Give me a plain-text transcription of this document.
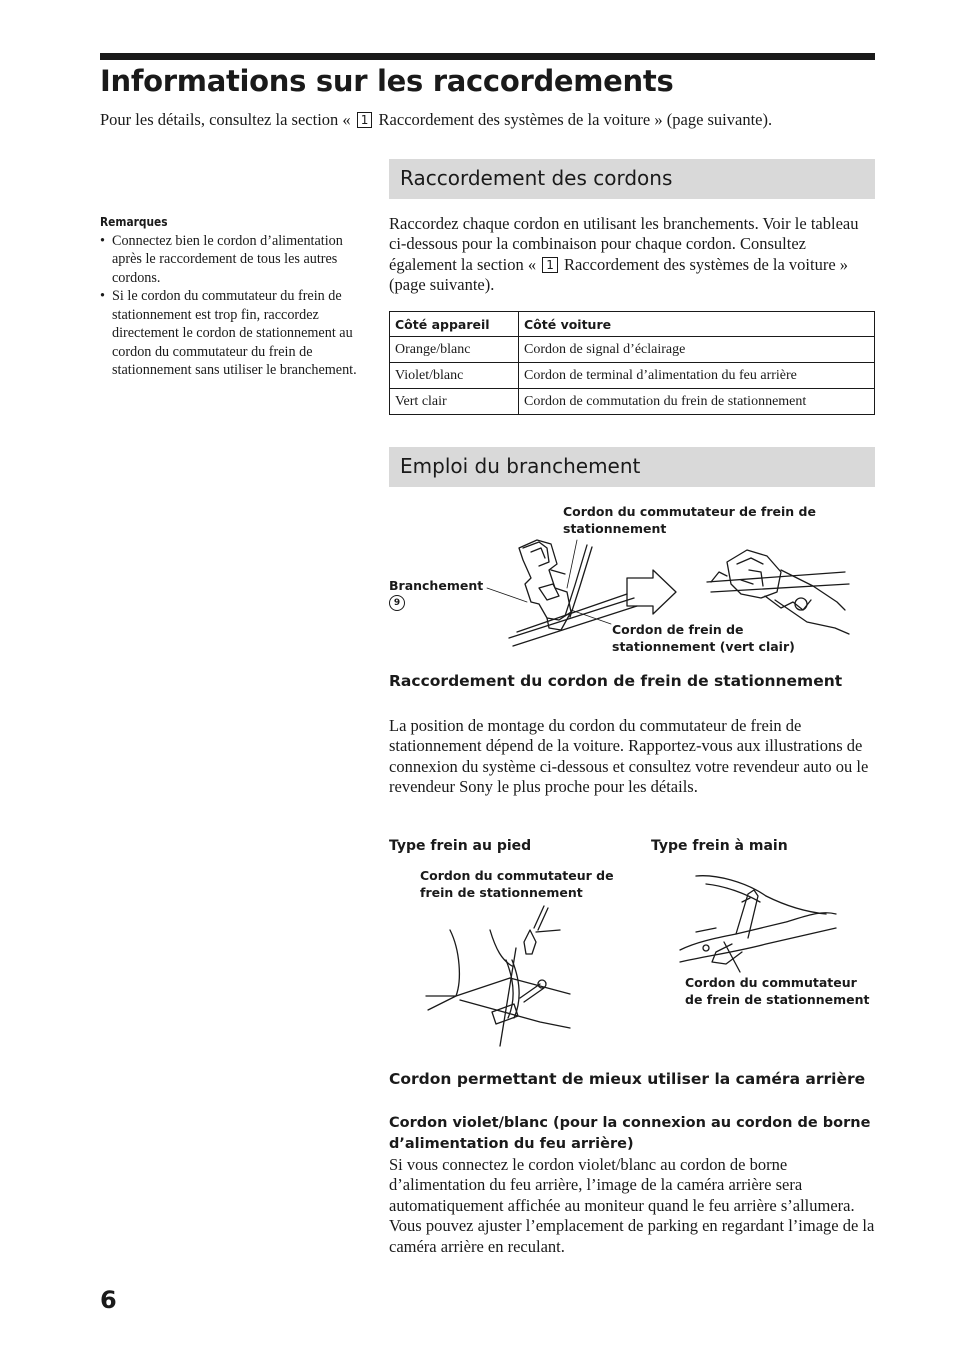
Informations sur les raccordements
Pour les détails, consultez la section « 1 Raccordement des systèmes de la voiture » (page suivante).
Remarques
• Connectez bien le cordon d’alimentation après le raccordement de tous les autres cordons.
• Si le cordon du commutateur du frein de stationnement est trop fin, raccordez directement le cordon de stationnement au cordon du commutateur du frein de stationnement sans utiliser le branchement.
Raccordement des cordons
Raccordez chaque cordon en utilisant les branchements. Voir le tableau ci-dessous pour la combinaison pour chaque cordon. Consultez également la section « 1 Raccordement des systèmes de la voiture » (page suivante).
Côté appareil	Côté voiture
Orange/blanc	Cordon de signal d’éclairage
Violet/blanc	Cordon de terminal d’alimentation du feu arrière
Vert clair	Cordon de commutation du frein de stationnement
Emploi du branchement
Cordon du commutateur de frein de stationnement
Branchement
9
Cordon de frein de stationnement (vert clair)
Raccordement du cordon de frein de stationnement
La position de montage du cordon du commutateur de frein de stationnement dépend de la voiture. Rapportez-vous aux illustrations de connexion du système ci-dessous et consultez votre revendeur auto ou le revendeur Sony le plus proche pour les détails.
Type frein au pied
Cordon du commutateur de frein de stationnement
Type frein à main
Cordon du commutateur de frein de stationnement
Cordon permettant de mieux utiliser la caméra arrière
Cordon violet/blanc (pour la connexion au cordon de borne d’alimentation du feu arrière)
Si vous connectez le cordon violet/blanc au cordon de borne d’alimentation du feu arrière, l’image de la caméra arrière sera automatiquement affichée au moniteur quand le feu arrière s’allumera. Vous pouvez ajuster l’emplacement de parking en regardant l’image de la caméra arrière en reculant.
6
